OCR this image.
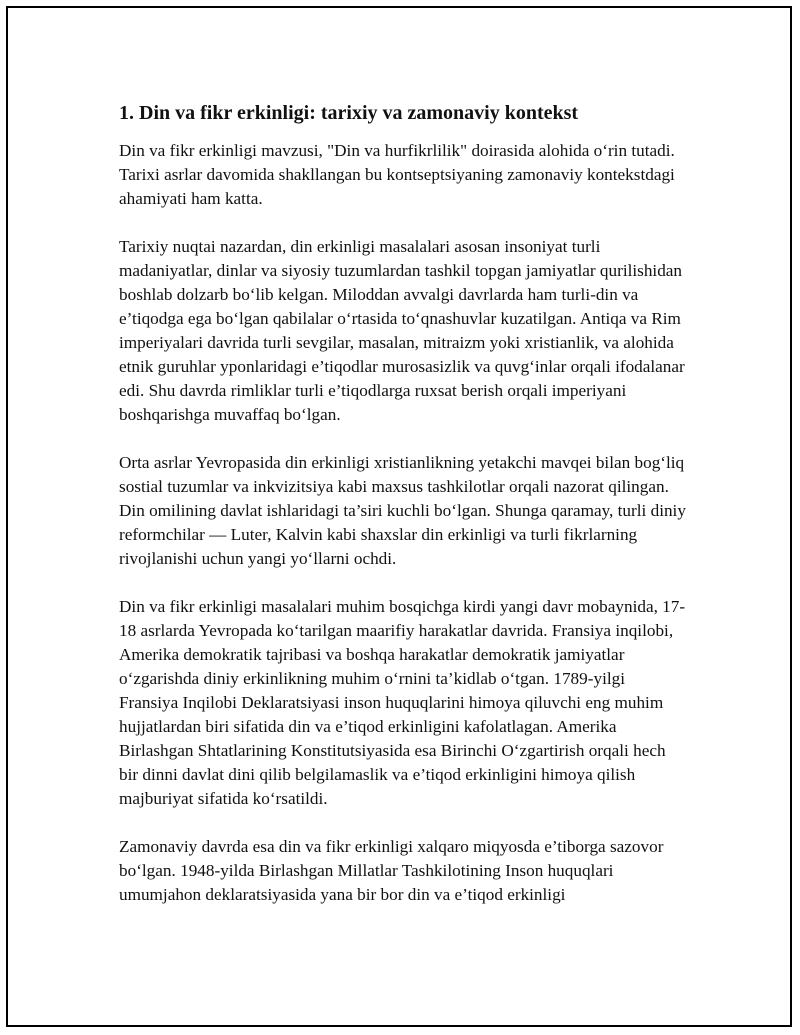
1. Din va fikr erkinligi: tarixiy va zamonaviy kontekst

Din va fikr erkinligi mavzusi, "Din va hurfikrlilik" doirasida alohida o‘rin tutadi. Tarixi asrlar davomida shakllangan bu kontseptsiyaning zamonaviy kontekstdagi ahamiyati ham katta.

Tarixiy nuqtai nazardan, din erkinligi masalalari asosan insoniyat turli madaniyatlar, dinlar va siyosiy tuzumlardan tashkil topgan jamiyatlar qurilishidan boshlab dolzarb bo‘lib kelgan. Miloddan avvalgi davrlarda ham turli-din va e’tiqodga ega bo‘lgan qabilalar o‘rtasida to‘qnashuvlar kuzatilgan. Antiqa va Rim imperiyalari davrida turli sevgilar, masalan, mitraizm yoki xristianlik, va alohida etnik guruhlar yponlaridagi e’tiqodlar murosasizlik va quvg‘inlar orqali ifodalanar edi. Shu davrda rimliklar turli e’tiqodlarga ruxsat berish orqali imperiyani boshqarishga muvaffaq bo‘lgan.

Orta asrlar Yevropasida din erkinligi xristianlikning yetakchi mavqei bilan bog‘liq sostial tuzumlar va inkvizitsiya kabi maxsus tashkilotlar orqali nazorat qilingan. Din omilining davlat ishlaridagi ta’siri kuchli bo‘lgan. Shunga qaramay, turli diniy reformchilar — Luter, Kalvin kabi shaxslar din erkinligi va turli fikrlarning rivojlanishi uchun yangi yo‘llarni ochdi.

Din va fikr erkinligi masalalari muhim bosqichga kirdi yangi davr mobaynida, 17-18 asrlarda Yevropada ko‘tarilgan maarifiy harakatlar davrida. Fransiya inqilobi, Amerika demokratik tajribasi va boshqa harakatlar demokratik jamiyatlar o‘zgarishda diniy erkinlikning muhim o‘rnini ta’kidlab o‘tgan. 1789-yilgi Fransiya Inqilobi Deklaratsiyasi inson huquqlarini himoya qiluvchi eng muhim hujjatlardan biri sifatida din va e’tiqod erkinligini kafolatlagan. Amerika Birlashgan Shtatlarining Konstitutsiyasida esa Birinchi O‘zgartirish orqali hech bir dinni davlat dini qilib belgilamaslik va e’tiqod erkinligini himoya qilish majburiyat sifatida ko‘rsatildi.

Zamonaviy davrda esa din va fikr erkinligi xalqaro miqyosda e’tiborga sazovor bo‘lgan. 1948-yilda Birlashgan Millatlar Tashkilotining Inson huquqlari umumjahon deklaratsiyasida yana bir bor din va e’tiqod erkinligi
